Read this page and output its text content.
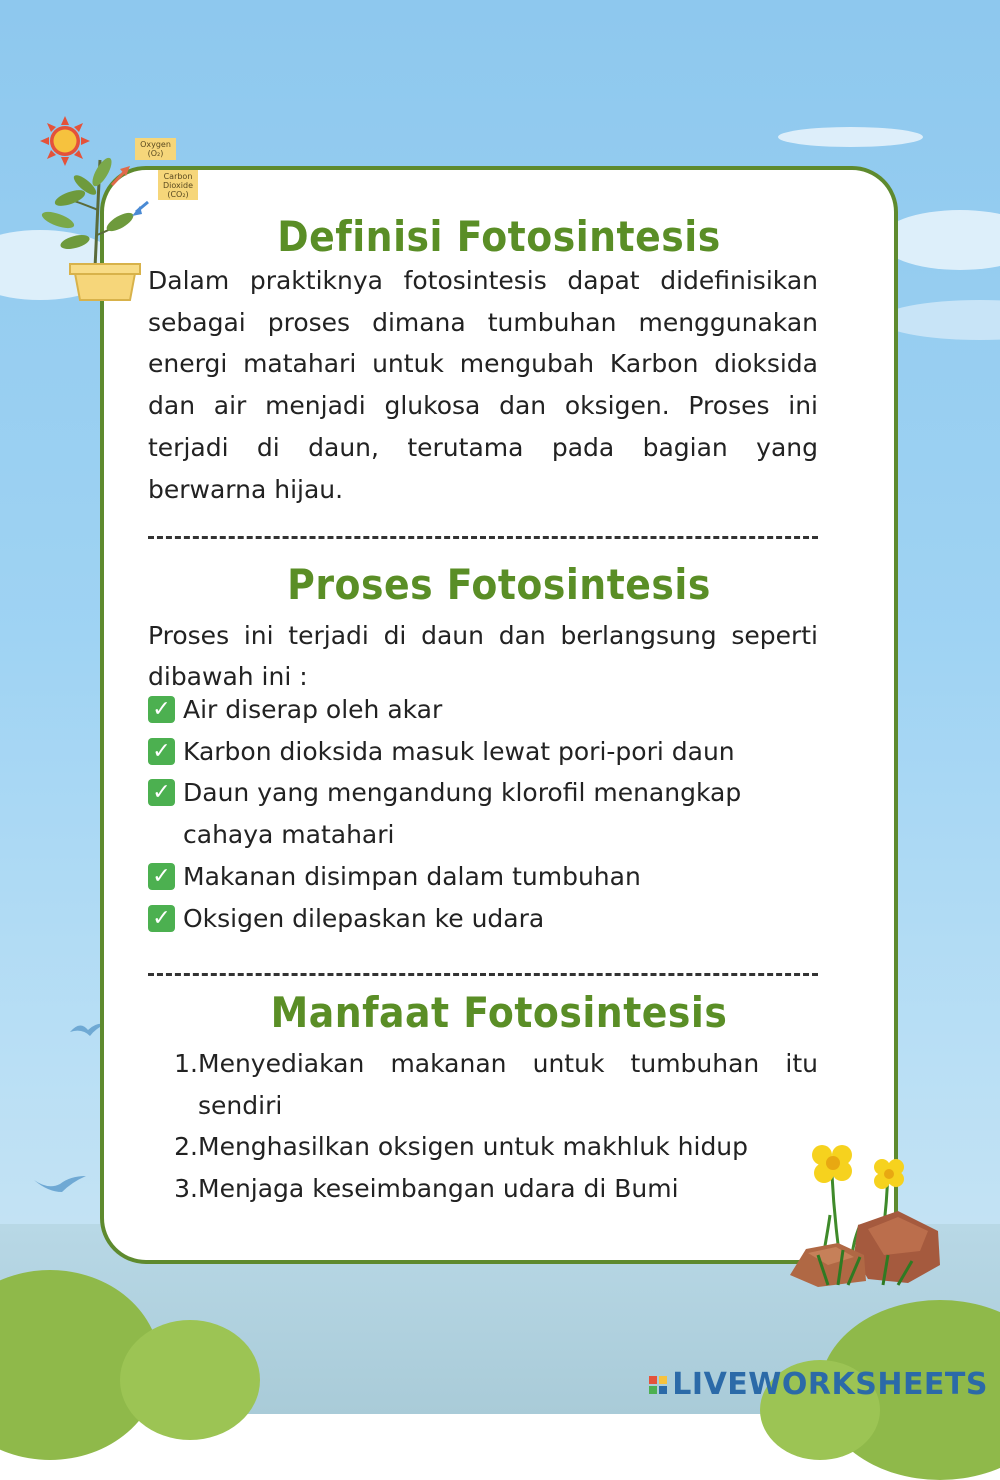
Oxygen (O₂)
Carbon Dioxide (CO₂)
Definisi Fotosintesis

Dalam praktiknya fotosintesis dapat didefinisikan sebagai proses dimana tumbuhan menggunakan energi matahari untuk mengubah Karbon dioksida dan air menjadi glukosa dan oksigen. Proses ini terjadi di daun, terutama pada bagian yang berwarna hijau.

Proses Fotosintesis

Proses ini terjadi di daun dan berlangsung seperti dibawah ini :

✓ Air diserap oleh akar
✓ Karbon dioksida masuk lewat pori-pori daun
✓ Daun yang mengandung klorofil menangkap cahaya matahari
✓ Makanan disimpan dalam tumbuhan
✓ Oksigen dilepaskan ke udara
Manfaat Fotosintesis
1. Menyediakan makanan untuk tumbuhan itu sendiri
2. Menghasilkan oksigen untuk makhluk hidup
3. Menjaga keseimbangan udara di Bumi
LIVEWORKSHEETS
